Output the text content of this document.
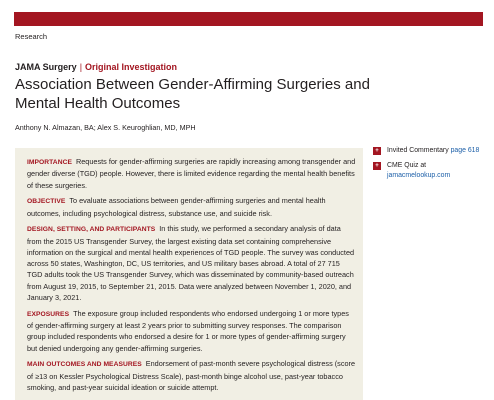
Research
JAMA Surgery | Original Investigation
Association Between Gender-Affirming Surgeries and Mental Health Outcomes
Anthony N. Almazan, BA; Alex S. Keuroghlian, MD, MPH

IMPORTANCE Requests for gender-affirming surgeries are rapidly increasing among transgender and gender diverse (TGD) people. However, there is limited evidence regarding the mental health benefits of these surgeries.

OBJECTIVE To evaluate associations between gender-affirming surgeries and mental health outcomes, including psychological distress, substance use, and suicide risk.

DESIGN, SETTING, AND PARTICIPANTS In this study, we performed a secondary analysis of data from the 2015 US Transgender Survey, the largest existing data set containing comprehensive information on the surgical and mental health experiences of TGD people. The survey was conducted across 50 states, Washington, DC, US territories, and US military bases abroad. A total of 27 715 TGD adults took the US Transgender Survey, which was disseminated by community-based outreach from August 19, 2015, to September 21, 2015. Data were analyzed between November 1, 2020, and January 3, 2021.

EXPOSURES The exposure group included respondents who endorsed undergoing 1 or more types of gender-affirming surgery at least 2 years prior to submitting survey responses. The comparison group included respondents who endorsed a desire for 1 or more types of gender-affirming surgery but denied undergoing any gender-affirming surgeries.

MAIN OUTCOMES AND MEASURES Endorsement of past-month severe psychological distress (score of ≥13 on Kessler Psychological Distress Scale), past-month binge alcohol use, past-year tobacco smoking, and past-year suicidal ideation or suicide attempt.

+	Invited Commentary page 618
+	CME Quiz at
jamacmelookup.com
